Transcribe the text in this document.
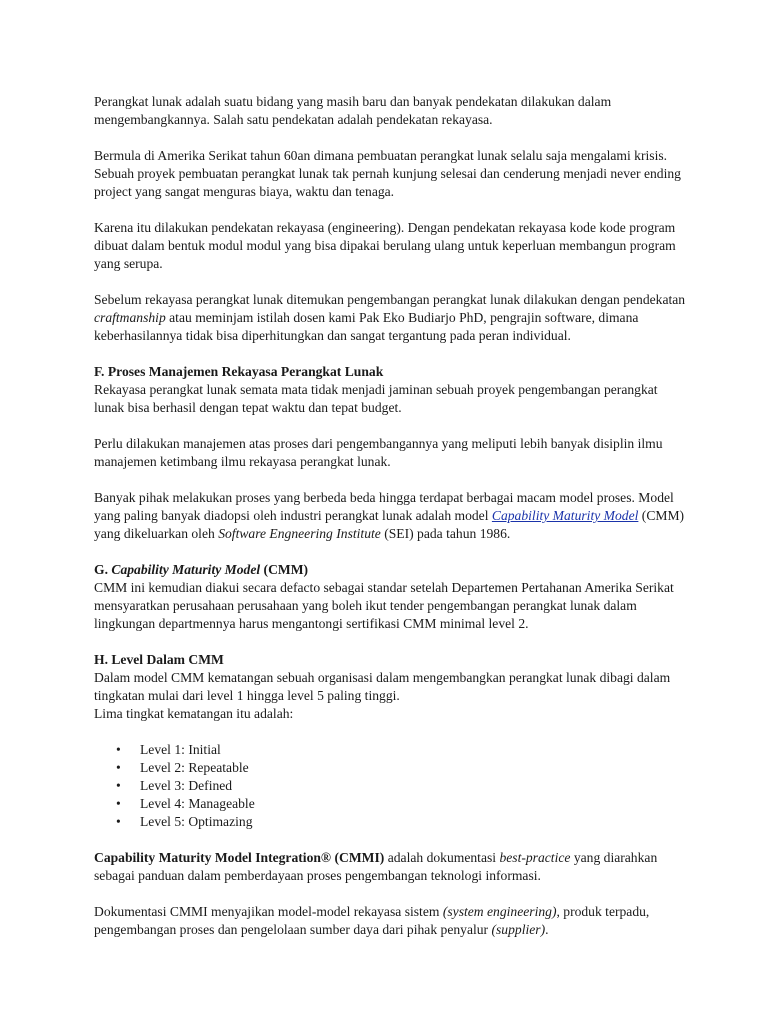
Perangkat lunak adalah suatu bidang yang masih baru dan banyak pendekatan dilakukan dalam mengembangkannya. Salah satu pendekatan adalah pendekatan rekayasa.

Bermula di Amerika Serikat tahun 60an dimana pembuatan perangkat lunak selalu saja mengalami krisis. Sebuah proyek pembuatan perangkat lunak tak pernah kunjung selesai dan cenderung menjadi never ending project yang sangat menguras biaya, waktu dan tenaga.

Karena itu dilakukan pendekatan rekayasa (engineering). Dengan pendekatan rekayasa kode kode program dibuat dalam bentuk modul modul yang bisa dipakai berulang ulang untuk keperluan membangun program yang serupa.

Sebelum rekayasa perangkat lunak ditemukan pengembangan perangkat lunak dilakukan dengan pendekatan craftmanship atau meminjam istilah dosen kami Pak Eko Budiarjo PhD, pengrajin software, dimana keberhasilannya tidak bisa diperhitungkan dan sangat tergantung pada peran individual.

F. Proses Manajemen Rekayasa Perangkat Lunak
Rekayasa perangkat lunak semata mata tidak menjadi jaminan sebuah proyek pengembangan perangkat lunak bisa berhasil dengan tepat waktu dan tepat budget.

Perlu dilakukan manajemen atas proses dari pengembangannya yang meliputi lebih banyak disiplin ilmu manajemen ketimbang ilmu rekayasa perangkat lunak.

Banyak pihak melakukan proses yang berbeda beda hingga terdapat berbagai macam model proses. Model yang paling banyak diadopsi oleh industri perangkat lunak adalah model Capability Maturity Model (CMM) yang dikeluarkan oleh Software Engneering Institute (SEI) pada tahun 1986.

G. Capability Maturity Model (CMM)
CMM ini kemudian diakui secara defacto sebagai standar setelah Departemen Pertahanan Amerika Serikat mensyaratkan perusahaan perusahaan yang boleh ikut tender pengembangan perangkat lunak dalam lingkungan departmennya harus mengantongi sertifikasi CMM minimal level 2.

H. Level Dalam CMM
Dalam model CMM kematangan sebuah organisasi dalam mengembangkan perangkat lunak dibagi dalam tingkatan mulai dari level 1 hingga level 5 paling tinggi.
Lima tingkat kematangan itu adalah:

• Level 1: Initial
• Level 2: Repeatable
• Level 3: Defined
• Level 4: Manageable
• Level 5: Optimazing

Capability Maturity Model Integration® (CMMI) adalah dokumentasi best-practice yang diarahkan sebagai panduan dalam pemberdayaan proses pengembangan teknologi informasi.

Dokumentasi CMMI menyajikan model-model rekayasa sistem (system engineering), produk terpadu, pengembangan proses dan pengelolaan sumber daya dari pihak penyalur (supplier).
